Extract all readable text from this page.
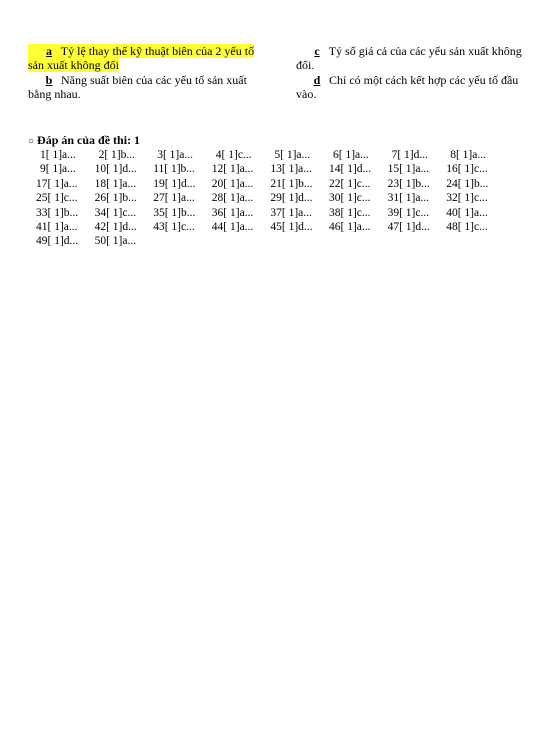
a Tỷ lệ thay thế kỹ thuật biên của 2 yếu tố
sản xuất không đổi
c Tỷ số giá cả của các yếu sản xuất không
đổi.
b Năng suất biên của các yếu tố sản xuất
bằng nhau.
d Chỉ có một cách kết hợp các yếu tố đầu
vào.
○ Đáp án của đề thi: 1
1[ 1]a... 2[ 1]b... 3[ 1]a... 4[ 1]c... 5[ 1]a... 6[ 1]a... 7[ 1]d... 8[ 1]a...
9[ 1]a... 10[ 1]d... 11[ 1]b... 12[ 1]a... 13[ 1]a... 14[ 1]d... 15[ 1]a... 16[ 1]c...
17[ 1]a... 18[ 1]a... 19[ 1]d... 20[ 1]a... 21[ 1]b... 22[ 1]c... 23[ 1]b... 24[ 1]b...
25[ 1]c... 26[ 1]b... 27[ 1]a... 28[ 1]a... 29[ 1]d... 30[ 1]c... 31[ 1]a... 32[ 1]c...
33[ 1]b... 34[ 1]c... 35[ 1]b... 36[ 1]a... 37[ 1]a... 38[ 1]c... 39[ 1]c... 40[ 1]a...
41[ 1]a... 42[ 1]d... 43[ 1]c... 44[ 1]a... 45[ 1]d... 46[ 1]a... 47[ 1]d... 48[ 1]c...
49[ 1]d... 50[ 1]a...
